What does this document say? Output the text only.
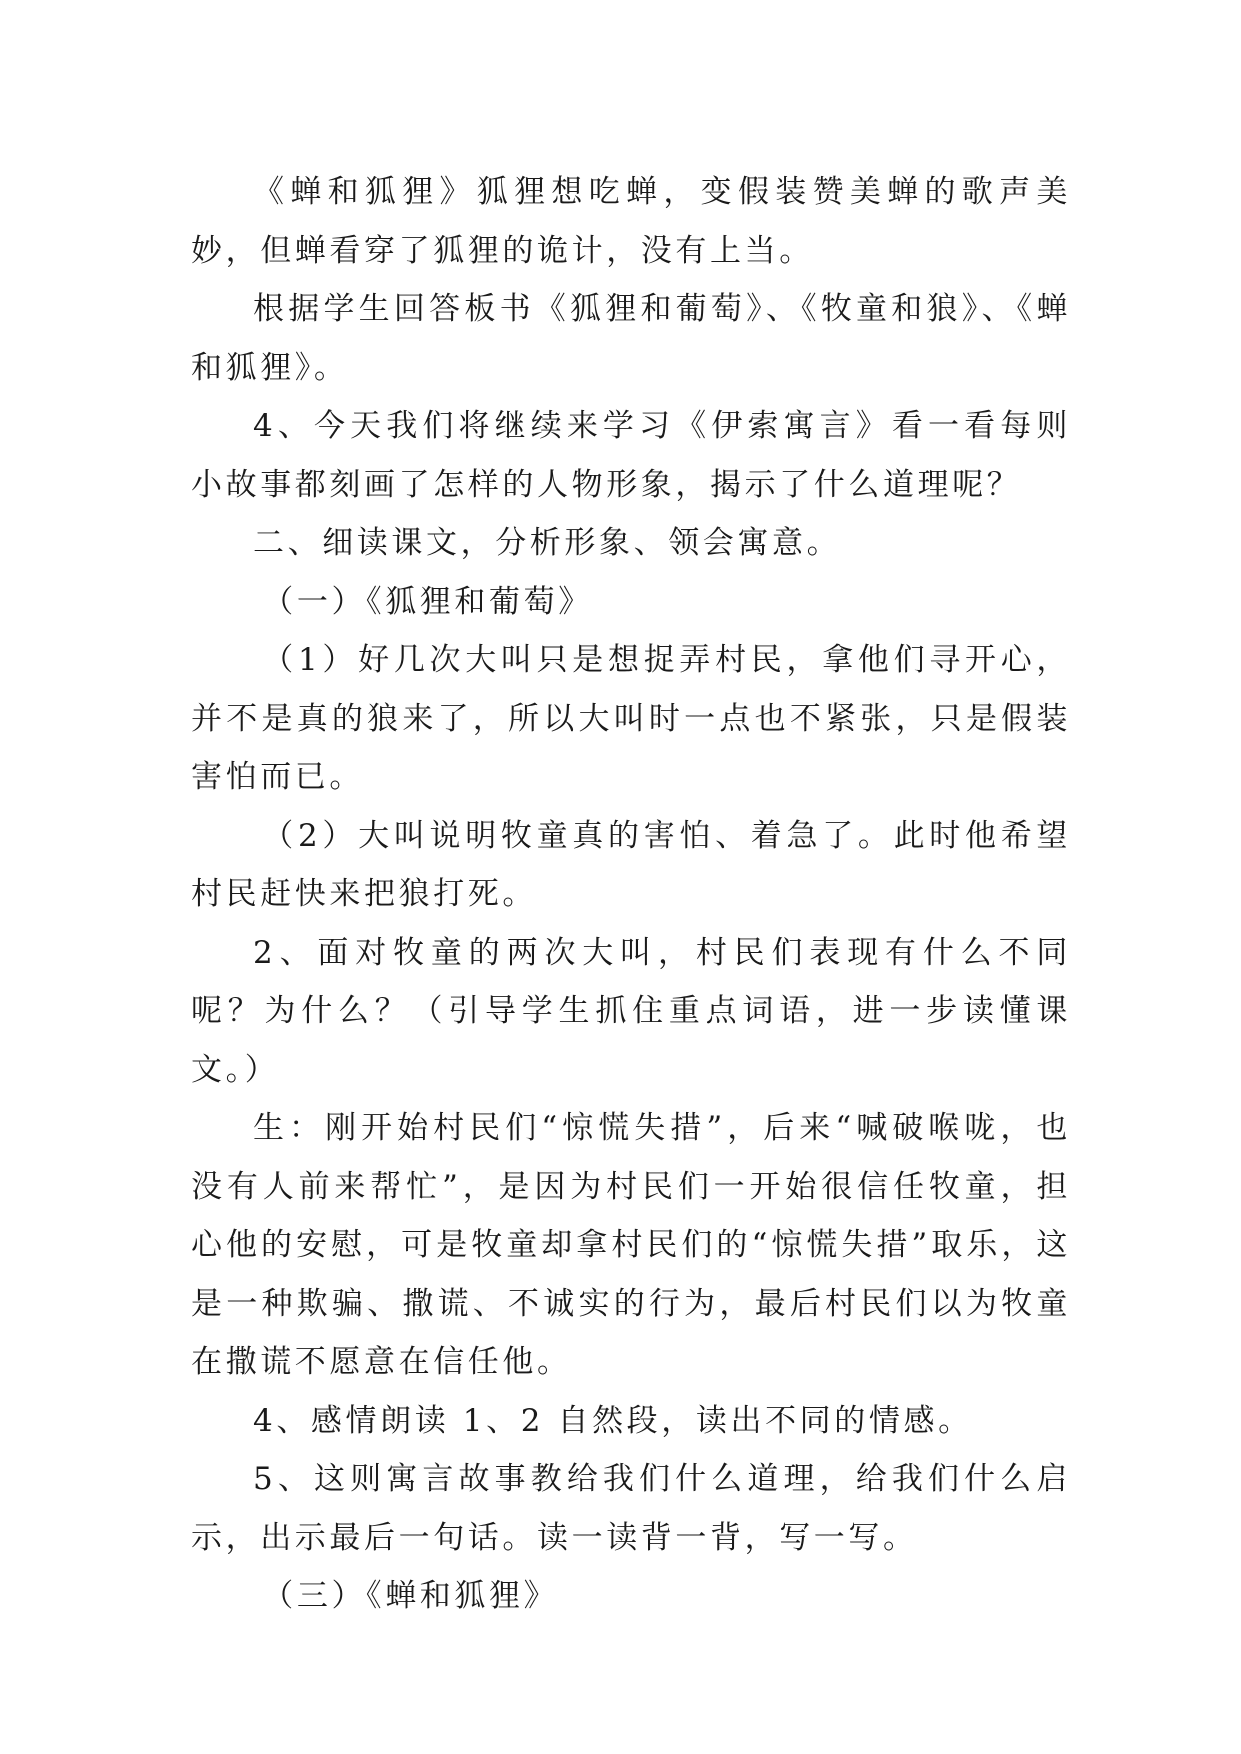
《蝉和狐狸》狐狸想吃蝉，变假装赞美蝉的歌声美妙，但蝉看穿了狐狸的诡计，没有上当。

根据学生回答板书《狐狸和葡萄》、《牧童和狼》、《蝉和狐狸》。

4、今天我们将继续来学习《伊索寓言》看一看每则小故事都刻画了怎样的人物形象，揭示了什么道理呢？

二、细读课文，分析形象、领会寓意。

（一）《狐狸和葡萄》

（1）好几次大叫只是想捉弄村民，拿他们寻开心，并不是真的狼来了，所以大叫时一点也不紧张，只是假装害怕而已。

（2）大叫说明牧童真的害怕、着急了。此时他希望村民赶快来把狼打死。

2、面对牧童的两次大叫，村民们表现有什么不同呢？为什么？（引导学生抓住重点词语，进一步读懂课文。）

生：刚开始村民们“惊慌失措”，后来“喊破喉咙，也没有人前来帮忙”，是因为村民们一开始很信任牧童，担心他的安慰，可是牧童却拿村民们的“惊慌失措”取乐，这是一种欺骗、撒谎、不诚实的行为，最后村民们以为牧童在撒谎不愿意在信任他。

4、感情朗读 1、2 自然段，读出不同的情感。

5、这则寓言故事教给我们什么道理，给我们什么启示，出示最后一句话。读一读背一背，写一写。

（三）《蝉和狐狸》
